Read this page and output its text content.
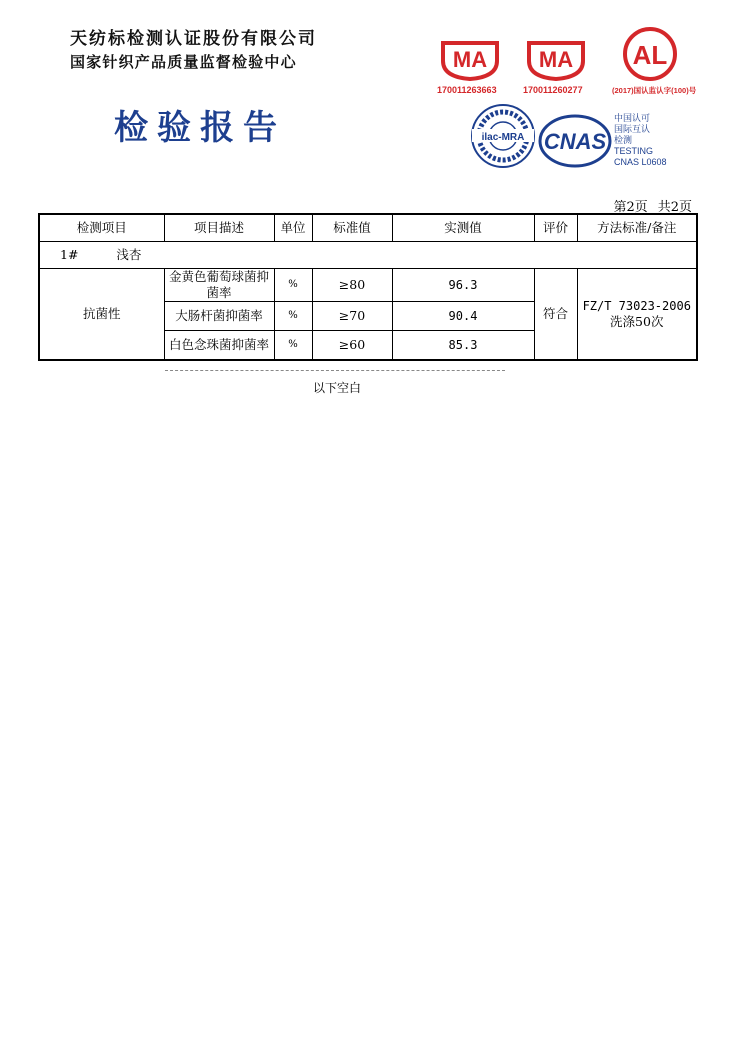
天纺标检测认证股份有限公司
国家针织产品质量监督检验中心
检验报告
MA
170011263663
MA
170011260277
AL
(2017)国认监认字(100)号
ilac-MRA CNAS
中国认可
国际互认
检测
TESTING
CNAS L0608
第2页 共2页
检测项目	项目描述	单位	标准值	实测值	评价	方法标准/备注
1# 浅杏						
抗菌性	金黄色葡萄球菌抑菌率	%	≥80	96.3	符合	FZ/T 73023-2006
洗涤50次

	大肠杆菌抑菌率	%	≥70	90.4		
	白色念珠菌抑菌率	%	≥60	85.3		
以下空白
